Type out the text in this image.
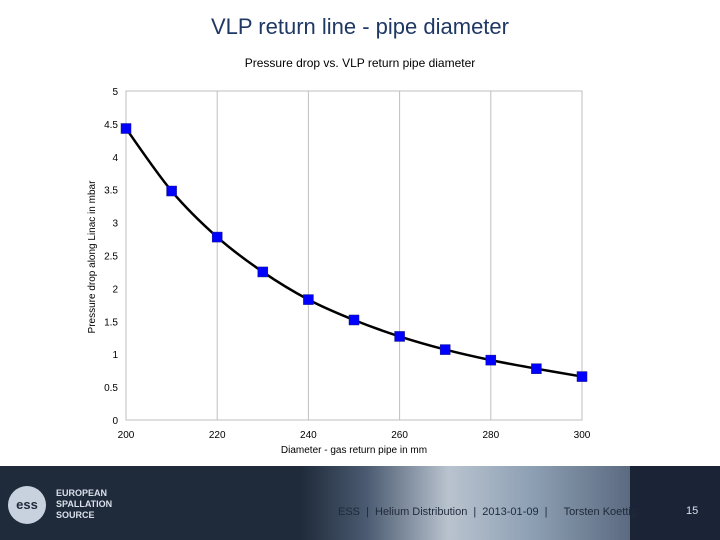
VLP return line - pipe diameter
200	220	240	260	280	300
0
0.5
1
1.5
2
2.5
3
3.5
4
4.5
5
Pressure drop vs. VLP return pipe diameter
Diameter - gas return pipe in mm
Pressure drop along Linac in mbar
ess
EUROPEAN
SPALLATION
SOURCE	ESS | Helium Distribution | 2013-01-09 | Torsten Koettig	15
